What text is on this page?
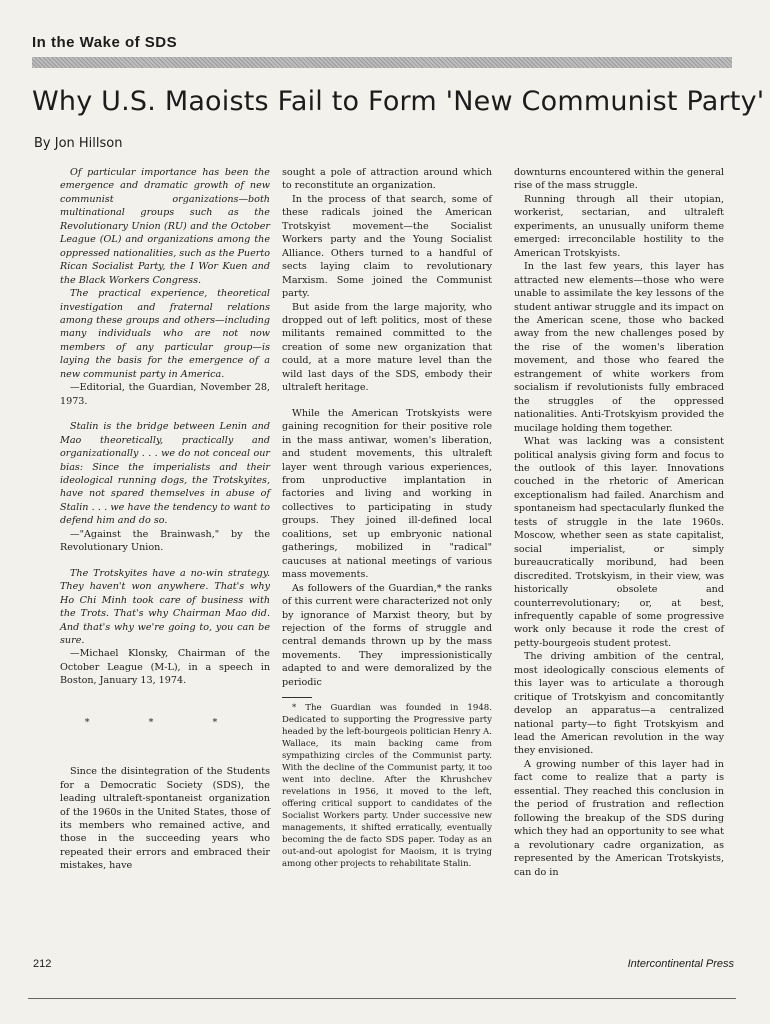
In the Wake of SDS
Why U.S. Maoists Fail to Form 'New Communist Party'
By Jon Hillson

Of particular importance has been the emergence and dramatic growth of new communist organizations—both multinational groups such as the Revolutionary Union (RU) and the October League (OL) and organizations among the oppressed nationalities, such as the Puerto Rican Socialist Party, the I Wor Kuen and the Black Workers Congress.

The practical experience, theoretical investigation and fraternal relations among these groups and others—including many individuals who are not now members of any particular group—is laying the basis for the emergence of a new communist party in America.

—Editorial, the Guardian, November 28, 1973.

Stalin is the bridge between Lenin and Mao theoretically, practically and organizationally . . . we do not conceal our bias: Since the imperialists and their ideological running dogs, the Trotskyites, have not spared themselves in abuse of Stalin . . . we have the tendency to want to defend him and do so.

—"Against the Brainwash," by the Revolutionary Union.

The Trotskyites have a no-win strategy. They haven't won anywhere. That's why Ho Chi Minh took care of business with the Trots. That's why Chairman Mao did. And that's why we're going to, you can be sure.

—Michael Klonsky, Chairman of the October League (M-L), in a speech in Boston, January 13, 1974.

* * *

Since the disintegration of the Students for a Democratic Society (SDS), the leading ultraleft-spontaneist organization of the 1960s in the United States, those of its members who remained active, and those in the succeeding years who repeated their errors and embraced their mistakes, have

sought a pole of attraction around which to reconstitute an organization.

In the process of that search, some of these radicals joined the American Trotskyist movement—the Socialist Workers party and the Young Socialist Alliance. Others turned to a handful of sects laying claim to revolutionary Marxism. Some joined the Communist party.

But aside from the large majority, who dropped out of left politics, most of these militants remained committed to the creation of some new organization that could, at a more mature level than the wild last days of the SDS, embody their ultraleft heritage.

While the American Trotskyists were gaining recognition for their positive role in the mass antiwar, women's liberation, and student movements, this ultraleft layer went through various experiences, from unproductive implantation in factories and living and working in collectives to participating in study groups. They joined ill-defined local coalitions, set up embryonic national gatherings, mobilized in "radical" caucuses at national meetings of various mass movements.

As followers of the Guardian,* the ranks of this current were characterized not only by ignorance of Marxist theory, but by rejection of the forms of struggle and central demands thrown up by the mass movements. They impressionistically adapted to and were demoralized by the periodic

* The Guardian was founded in 1948. Dedicated to supporting the Progressive party headed by the left-bourgeois politician Henry A. Wallace, its main backing came from sympathizing circles of the Communist party. With the decline of the Communist party, it too went into decline. After the Khrushchev revelations in 1956, it moved to the left, offering critical support to candidates of the Socialist Workers party. Under successive new managements, it shifted erratically, eventually becoming the de facto SDS paper. Today as an out-and-out apologist for Maoism, it is trying among other projects to rehabilitate Stalin.

downturns encountered within the general rise of the mass struggle.

Running through all their utopian, workerist, sectarian, and ultraleft experiments, an unusually uniform theme emerged: irreconcilable hostility to the American Trotskyists.

In the last few years, this layer has attracted new elements—those who were unable to assimilate the key lessons of the student antiwar struggle and its impact on the American scene, those who backed away from the new challenges posed by the rise of the women's liberation movement, and those who feared the estrangement of white workers from socialism if revolutionists fully embraced the struggles of the oppressed nationalities. Anti-Trotskyism provided the mucilage holding them together.

What was lacking was a consistent political analysis giving form and focus to the outlook of this layer. Innovations couched in the rhetoric of American exceptionalism had failed. Anarchism and spontaneism had spectacularly flunked the tests of struggle in the late 1960s. Moscow, whether seen as state capitalist, social imperialist, or simply bureaucratically moribund, had been discredited. Trotskyism, in their view, was historically obsolete and counterrevolutionary; or, at best, infrequently capable of some progressive work only because it rode the crest of petty-bourgeois student protest.

The driving ambition of the central, most ideologically conscious elements of this layer was to articulate a thorough critique of Trotskyism and concomitantly develop an apparatus—a centralized national party—to fight Trotskyism and lead the American revolution in the way they envisioned.

A growing number of this layer had in fact come to realize that a party is essential. They reached this conclusion in the period of frustration and reflection following the breakup of the SDS during which they had an opportunity to see what a revolutionary cadre organization, as represented by the American Trotskyists, can do in

212	Intercontinental Press
